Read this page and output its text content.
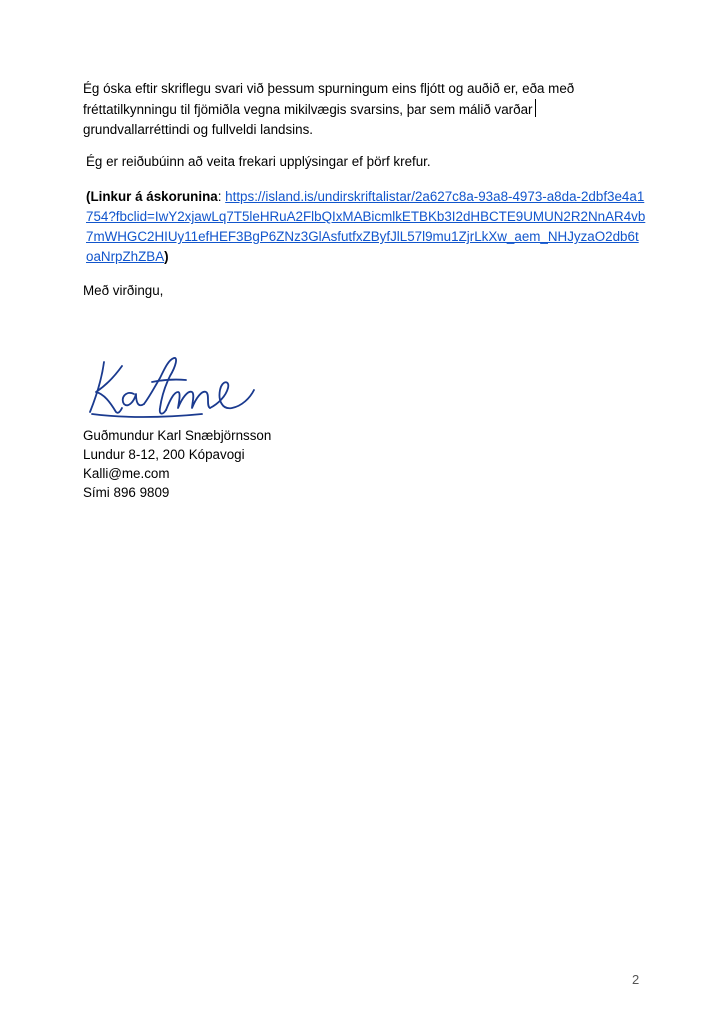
Ég óska eftir skriflegu svari við þessum spurningum eins fljótt og auðið er, eða með
fréttatilkynningu til fjömiðla vegna mikilvægis svarsins, þar sem málið varðar
grundvallarréttindi og fullveldi landsins.

Ég er reiðubúinn að veita frekari upplýsingar ef þörf krefur.

(Linkur á áskorunina: https://island.is/undirskriftalistar/2a627c8a-93a8-4973-a8da-2dbf3e4a1754?fbclid=IwY2xjawLq7T5leHRuA2FlbQIxMABicmlkETBKb3I2dHBCTE9UMUN2R2NnAR4vb7mWHGC2HIUy11efHEF3BgP6ZNz3GlAsfutfxZByfJlL57l9mu1ZjrLkXw_aem_NHJyzaO2db6toaNrpZhZBA)

Með virðingu,

Guðmundur Karl Snæbjörnsson
Lundur 8-12, 200 Kópavogi
Kalli@me.com
Sími 896 9809
2
